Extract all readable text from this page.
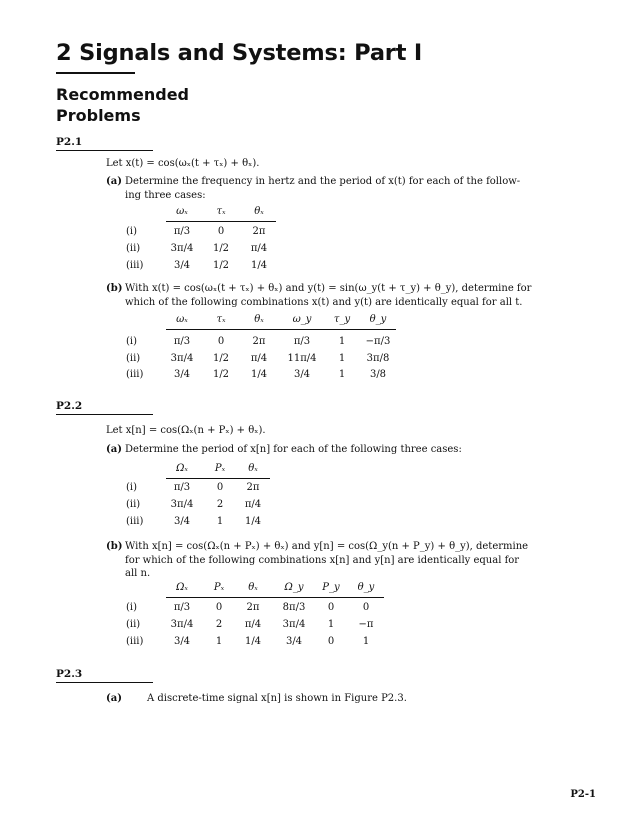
2 Signals and Systems: Part I
Recommended
Problems
P2.1
Let x(t) = cos(ωₓ(t + τₓ) + θₓ).
(a) Determine the frequency in hertz and the period of x(t) for each of the follow-
ing three cases:
ωₓ	τₓ	θₓ
(i)	π/3	0	2π
(ii)	3π/4 1/2 π/4
(iii)	3/4 1/2 1/4
(b) With x(t) = cos(ωₓ(t + τₓ) + θₓ) and y(t) = sin(ω_y(t + τ_y) + θ_y), determine for
which of the following combinations x(t) and y(t) are identically equal for all t.
ωₓ	τₓ	θₓ	ω_y τ_y θ_y
(i)	π/3	0	2π	π/3	1 −π/3
(ii)	3π/4 1/2 π/4 11π/4 1 3π/8
(iii)	3/4 1/2 1/4	3/4	1 3/8
P2.2
Let x[n] = cos(Ωₓ(n + Pₓ) + θₓ).
(a) Determine the period of x[n] for each of the following three cases:
Ωₓ	Pₓ θₓ
(i)	π/3	0 2π
(ii)	3π/4 2 π/4
(iii)	3/4	1 1/4
(b) With x[n] = cos(Ωₓ(n + Pₓ) + θₓ) and y[n] = cos(Ω_y(n + P_y) + θ_y), determine
for which of the following combinations x[n] and y[n] are identically equal for
all n.
Ωₓ	Pₓ θₓ	Ω_y P_y θ_y
(i)	π/3	0 2π 8π/3 0	0
(ii)	3π/4 2 π/4 3π/4 1 −π
(iii)	3/4	1 1/4 3/4	0	1
P2.3
(a)	A discrete-time signal x[n] is shown in Figure P2.3.
P2-1
